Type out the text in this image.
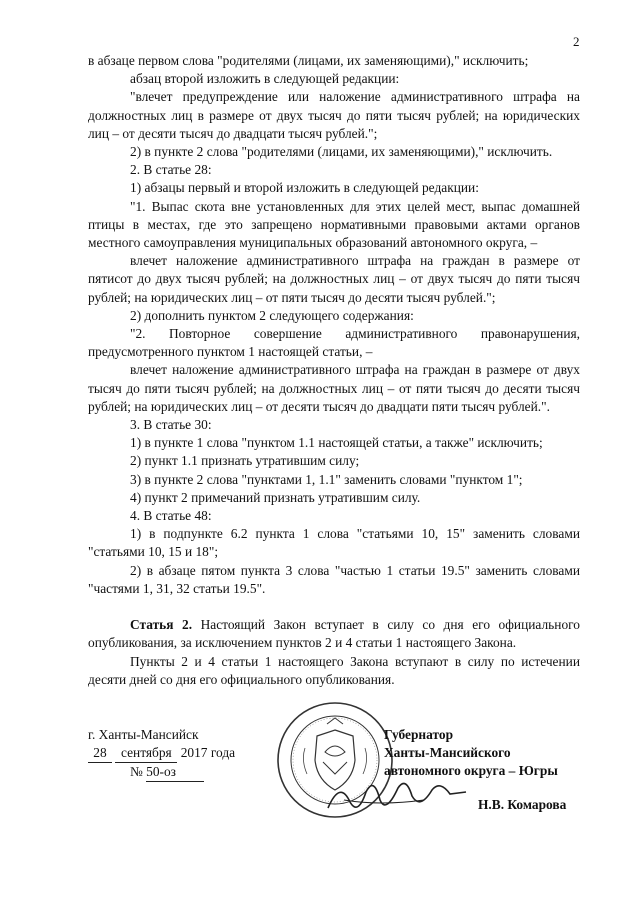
2

в абзаце первом слова "родителями (лицами, их заменяющими)," исключить;

абзац второй изложить в следующей редакции:

"влечет предупреждение или наложение административного штрафа на должностных лиц в размере от двух тысяч до пяти тысяч рублей; на юридических лиц – от десяти тысяч до двадцати тысяч рублей.";

2) в пункте 2 слова "родителями (лицами, их заменяющими)," исключить.

2. В статье 28:

1) абзацы первый и второй изложить в следующей редакции:

"1. Выпас скота вне установленных для этих целей мест, выпас домашней птицы в местах, где это запрещено нормативными правовыми актами органов местного самоуправления муниципальных образований автономного округа, –

влечет наложение административного штрафа на граждан в размере от пятисот до двух тысяч рублей; на должностных лиц – от двух тысяч до пяти тысяч рублей; на юридических лиц – от пяти тысяч до десяти тысяч рублей.";

2) дополнить пунктом 2 следующего содержания:

"2. Повторное совершение административного правонарушения, предусмотренного пунктом 1 настоящей статьи, –

влечет наложение административного штрафа на граждан в размере от двух тысяч до пяти тысяч рублей; на должностных лиц – от пяти тысяч до десяти тысяч рублей; на юридических лиц – от десяти тысяч до двадцати пяти тысяч рублей.".

3. В статье 30:

1) в пункте 1 слова "пунктом 1.1 настоящей статьи, а также" исключить;

2) пункт 1.1 признать утратившим силу;

3) в пункте 2 слова "пунктами 1, 1.1" заменить словами "пунктом 1";

4) пункт 2 примечаний признать утратившим силу.

4. В статье 48:

1) в подпункте 6.2 пункта 1 слова "статьями 10, 15" заменить словами "статьями 10, 15 и 18";

2) в абзаце пятом пункта 3 слова "частью 1 статьи 19.5" заменить словами "частями 1, 31, 32 статьи 19.5".

Статья 2. Настоящий Закон вступает в силу со дня его официального опубликования, за исключением пунктов 2 и 4 статьи 1 настоящего Закона.

Пункты 2 и 4 статьи 1 настоящего Закона вступают в силу по истечении десяти дней со дня его официального опубликования.

г. Ханты-Мансийск
28 сентября 2017 года
№ 50-оз
Губернатор
Ханты-Мансийского
автономного округа – Югры
Н.В. Комарова
